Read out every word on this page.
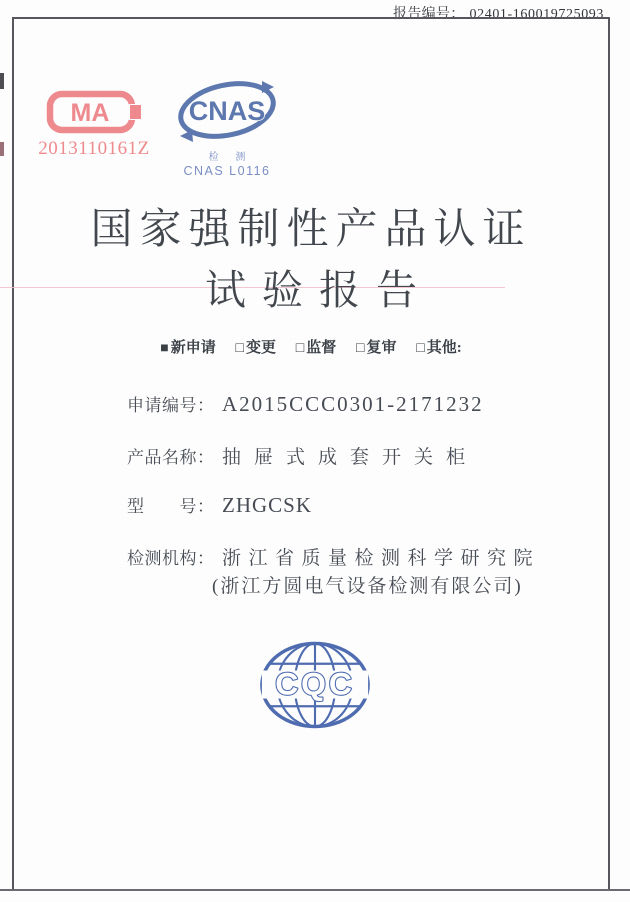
报告编号： 02401-160019725093
MA
2013110161Z
CNAS
检 测
CNAS L0116
国家强制性产品认证
试验报告
■ 新申请 □ 变更 □ 监督 □ 复审 □ 其他:
申请编号： A2015CCC0301-2171232
产品名称： 抽屉式成套开关柜
型　　号： ZHGCSK
检测机构： 浙江省质量检测科学研究院
(浙江方圆电气设备检测有限公司)
CQC
